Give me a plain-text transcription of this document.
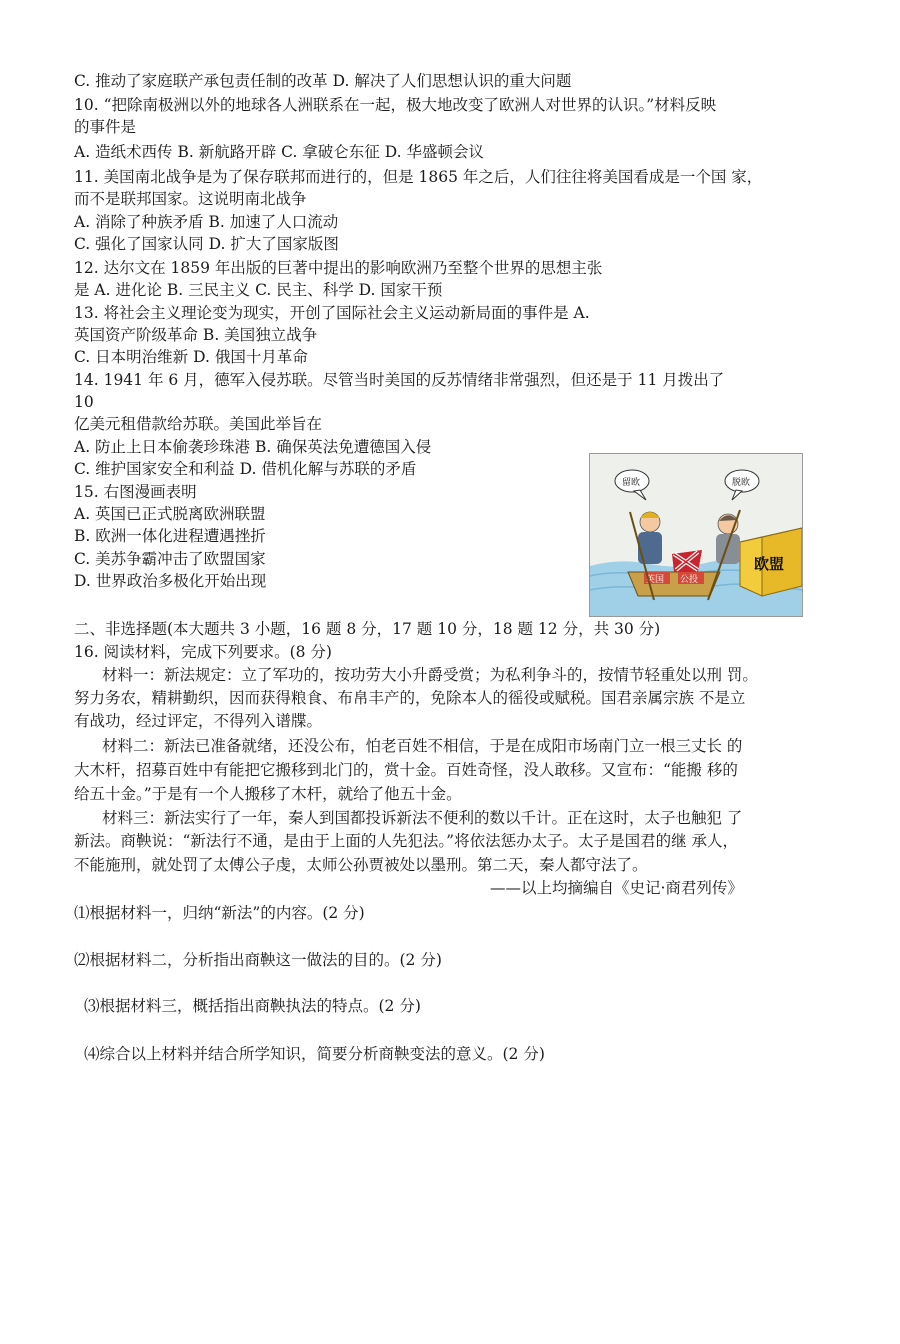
C. 推动了家庭联产承包责任制的改革 D. 解决了人们思想认识的重大问题
10. “把除南极洲以外的地球各人洲联系在一起，极大地改变了欧洲人对世界的认识。”材料反映
的事件是
A. 造纸术西传 B. 新航路开辟 C. 拿破仑东征 D. 华盛顿会议
11. 美国南北战争是为了保存联邦而进行的，但是 1865 年之后，人们往往将美国看成是一个国 家，
而不是联邦国家。这说明南北战争
A. 消除了种族矛盾 B. 加速了人口流动
C. 强化了国家认同 D. 扩大了国家版图
12. 达尔文在 1859 年出版的巨著中提出的影响欧洲乃至整个世界的思想主张
是 A. 进化论 B. 三民主义 C. 民主、科学 D. 国家干预
13. 将社会主义理论变为现实，开创了国际社会主义运动新局面的事件是 A.
英国资产阶级革命 B. 美国独立战争
C. 日本明治维新 D. 俄国十月革命
14. 1941 年 6 月，德军入侵苏联。尽管当时美国的反苏情绪非常强烈，但还是于 11 月拨出了
10
亿美元租借款给苏联。美国此举旨在
A. 防止上日本偷袭珍珠港 B. 确保英法免遭德国入侵
C. 维护国家安全和利益 D. 借机化解与苏联的矛盾
15. 右图漫画表明
A. 英国已正式脱离欧洲联盟
B. 欧洲一体化进程遭遇挫折
C. 美苏争霸冲击了欧盟国家
D. 世界政治多极化开始出现
欧盟
英国 公投
留欧	脱欧
二、非选择题(本大题共 3 小题，16 题 8 分，17 题 10 分，18 题 12 分，共 30 分)
16. 阅读材料，完成下列要求。(8 分)
材料一：新法规定：立了军功的，按功劳大小升爵受赏；为私利争斗的，按情节轻重处以刑 罚。
努力务农，精耕勤织，因而获得粮食、布帛丰产的，免除本人的徭役或赋税。国君亲属宗族 不是立
有战功，经过评定，不得列入谱牒。
材料二：新法已准备就绪，还没公布，怕老百姓不相信，于是在成阳市场南门立一根三丈长 的
大木杆，招募百姓中有能把它搬移到北门的，赏十金。百姓奇怪，没人敢移。又宣布：“能搬 移的
给五十金。”于是有一个人搬移了木杆，就给了他五十金。
材料三：新法实行了一年，秦人到国都投诉新法不便利的数以千计。正在这时，太子也触犯 了
新法。商鞅说：“新法行不通，是由于上面的人先犯法。”将依法惩办太子。太子是国君的继 承人，
不能施刑，就处罚了太傅公子虔，太师公孙贾被处以墨刑。第二天，秦人都守法了。
——以上均摘编自《史记·商君列传》
⑴根据材料一，归纳“新法”的内容。(2 分)
⑵根据材料二，分析指出商鞅这一做法的目的。(2 分)
⑶根据材料三，概括指出商鞅执法的特点。(2 分)
⑷综合以上材料并结合所学知识，简要分析商鞅变法的意义。(2 分)
